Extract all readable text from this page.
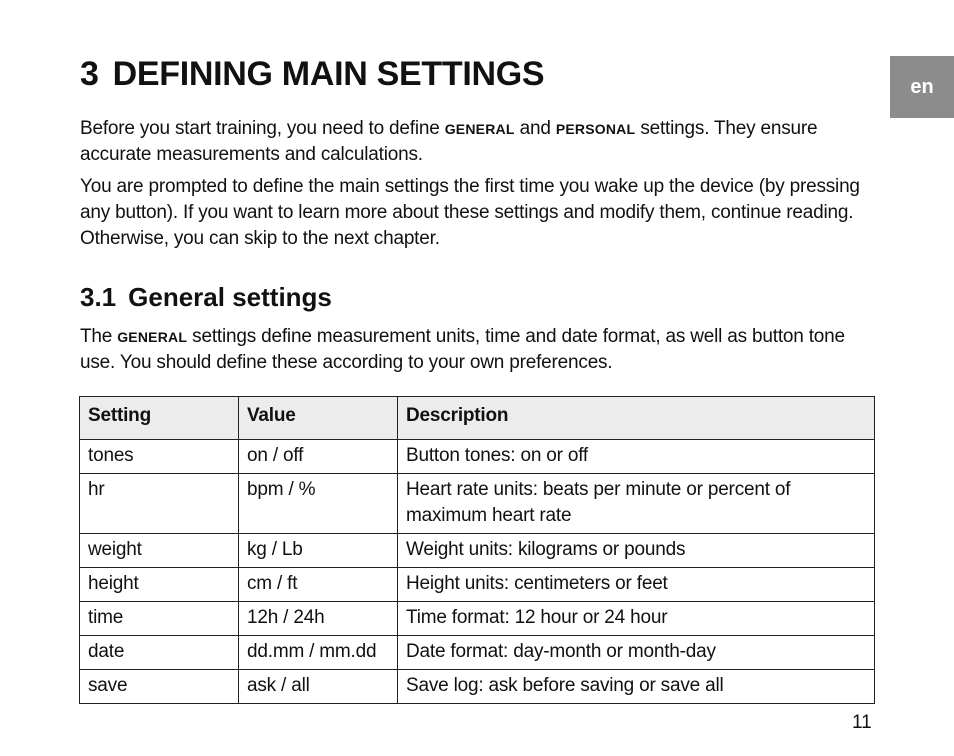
en
3 DEFINING MAIN SETTINGS

Before you start training, you need to define GENERAL and PERSONAL settings. They ensure accurate measurements and calculations.

You are prompted to define the main settings the first time you wake up the device (by pressing any button). If you want to learn more about these settings and modify them, continue reading. Otherwise, you can skip to the next chapter.

3.1 General settings

The GENERAL settings define measurement units, time and date format, as well as button tone use. You should define these according to your own preferences.

Setting	Value	Description
tones	on / off	Button tones: on or off
hr	bpm / %	Heart rate units: beats per minute or percent of maximum heart rate
weight	kg / Lb	Weight units: kilograms or pounds
height	cm / ft	Height units: centimeters or feet
time	12h / 24h	Time format: 12 hour or 24 hour
date	dd.mm / mm.dd	Date format: day-month or month-day
save	ask / all	Save log: ask before saving or save all
11
